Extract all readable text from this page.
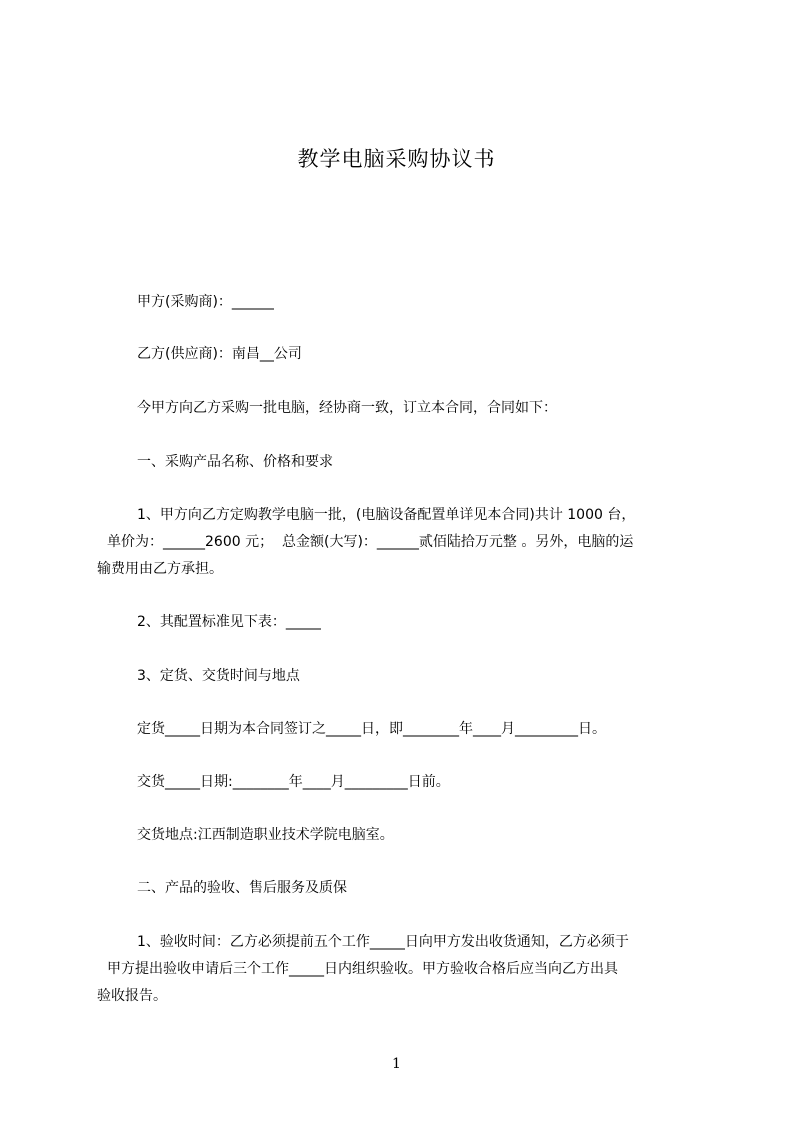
教学电脑采购协议书
甲方(采购商)：______
乙方(供应商)：南昌__公司
今甲方向乙方采购一批电脑，经协商一致，订立本合同，合同如下：
一、采购产品名称、价格和要求
1、甲方向乙方定购教学电脑一批，(电脑设备配置单详见本合同)共计 1000 台，
单价为：______2600 元；  总金额(大写)：______贰佰陆拾万元整 。另外，电脑的运
输费用由乙方承担。
2、其配置标准见下表：_____
3、定货、交货时间与地点
定货_____日期为本合同签订之_____日，即________年____月_________日。
交货_____日期:________年____月_________日前。
交货地点:江西制造职业技术学院电脑室。
二、产品的验收、售后服务及质保
1、验收时间：乙方必须提前五个工作_____日向甲方发出收货通知，乙方必须于
甲方提出验收申请后三个工作_____日内组织验收。甲方验收合格后应当向乙方出具
验收报告。
1
